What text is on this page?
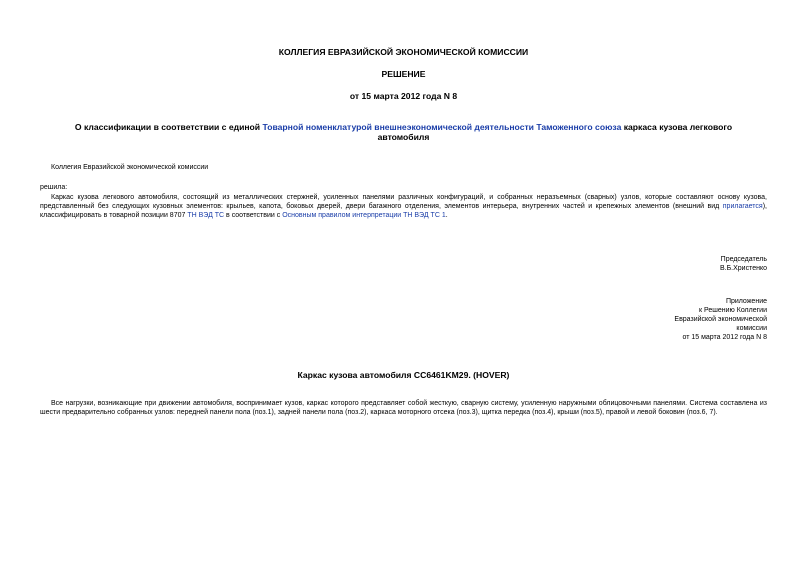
КОЛЛЕГИЯ ЕВРАЗИЙСКОЙ ЭКОНОМИЧЕСКОЙ КОМИССИИ
РЕШЕНИЕ
от 15 марта 2012 года N 8
О классификации в соответствии с единой Товарной номенклатурой внешнеэкономической деятельности Таможенного союза каркаса кузова легкового
автомобиля
Коллегия Евразийской экономической комиссии
решила:
Каркас кузова легкового автомобиля, состоящий из металлических стержней, усиленных панелями различных конфигураций, и собранных неразъемных (сварных) узлов, которые составляют основу кузова, представленный без следующих кузовных элементов: крыльев, капота, боковых дверей, двери багажного отделения, элементов интерьера, внутренних частей и крепежных элементов (внешний вид прилагается), классифицировать в товарной позиции 8707 ТН ВЭД ТС в соответствии с Основным правилом интерпретации ТН ВЭД ТС 1.
Председатель
В.Б.Христенко
Приложение
к Решению Коллегии
Евразийской экономической
комиссии
от 15 марта 2012 года N 8
Каркас кузова автомобиля CC6461KM29. (HOVER)
Все нагрузки, возникающие при движении автомобиля, воспринимает кузов, каркас которого представляет собой жесткую, сварную систему, усиленную наружными облицовочными панелями. Система составлена из шести предварительно собранных узлов: передней панели пола (поз.1), задней панели пола (поз.2), каркаса моторного отсека (поз.3), щитка передка (поз.4), крыши (поз.5), правой и левой боковин (поз.6, 7).
